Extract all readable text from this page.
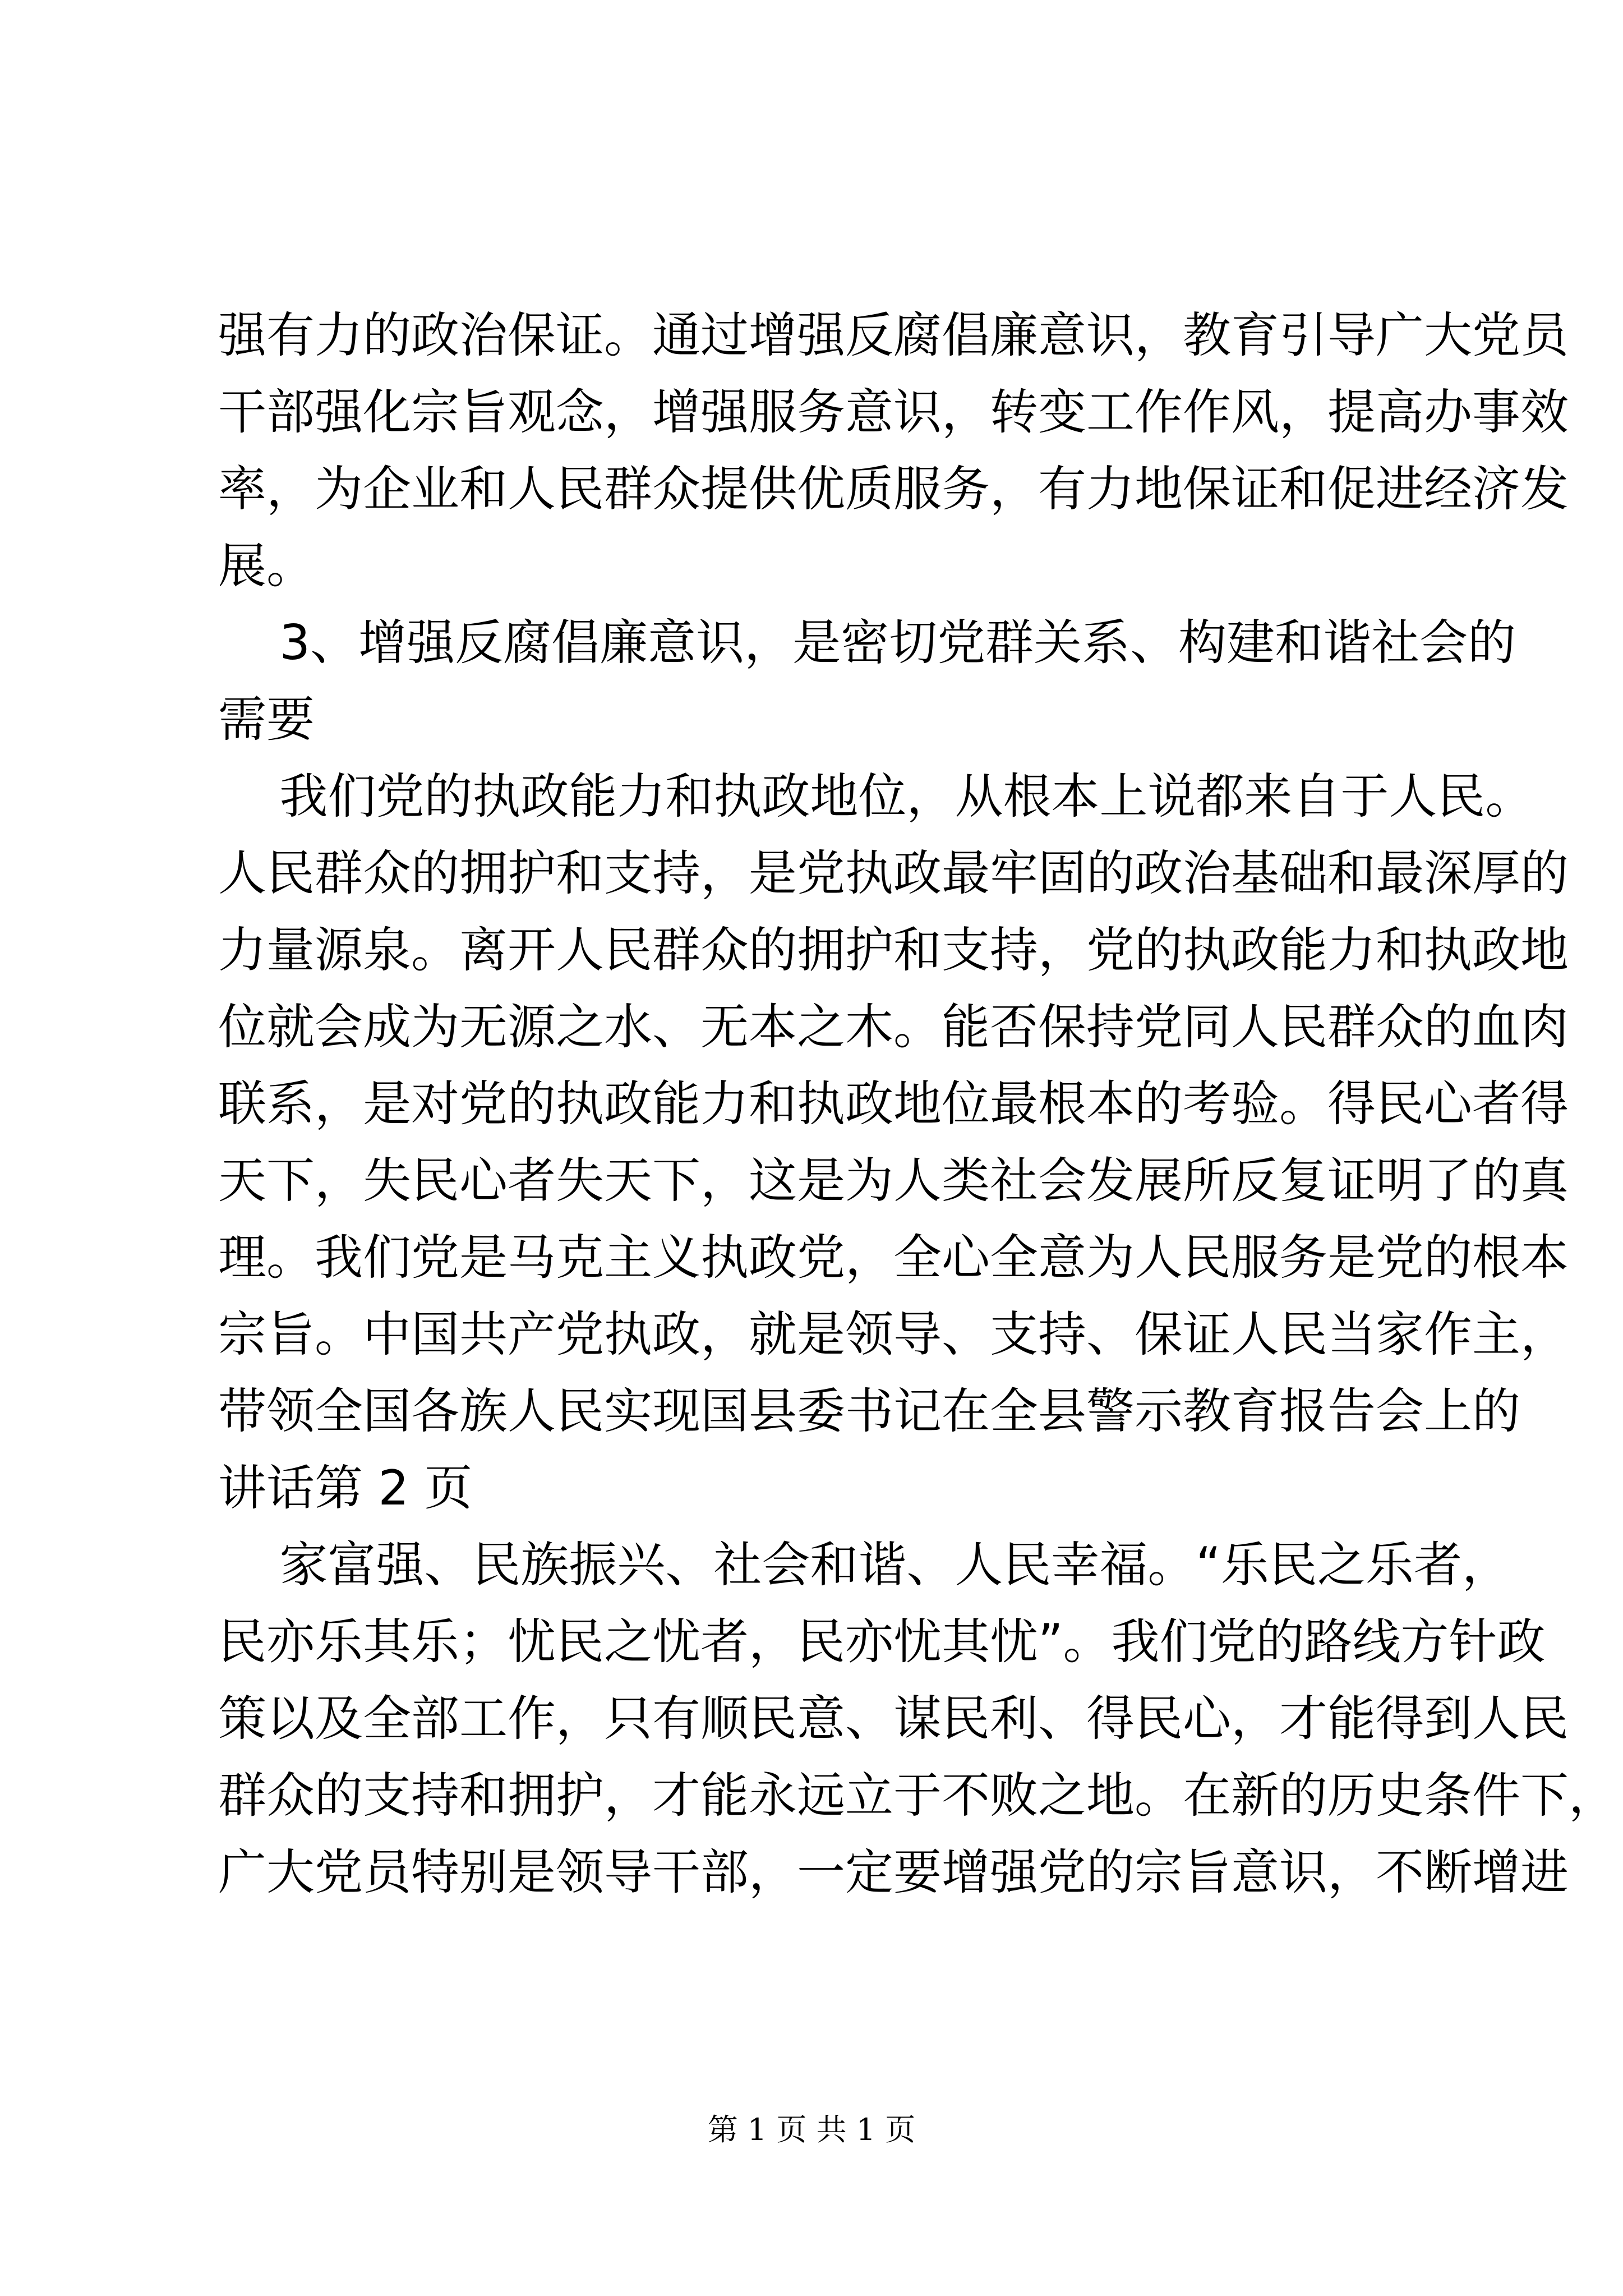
强有力的政治保证。通过增强反腐倡廉意识，教育引导广大党员
干部强化宗旨观念，增强服务意识，转变工作作风，提高办事效
率，为企业和人民群众提供优质服务，有力地保证和促进经济发
展。
3、增强反腐倡廉意识，是密切党群关系、构建和谐社会的
需要
我们党的执政能力和执政地位，从根本上说都来自于人民。
人民群众的拥护和支持，是党执政最牢固的政治基础和最深厚的
力量源泉。离开人民群众的拥护和支持，党的执政能力和执政地
位就会成为无源之水、无本之木。能否保持党同人民群众的血肉
联系，是对党的执政能力和执政地位最根本的考验。得民心者得
天下，失民心者失天下，这是为人类社会发展所反复证明了的真
理。我们党是马克主义执政党，全心全意为人民服务是党的根本
宗旨。中国共产党执政，就是领导、支持、保证人民当家作主，
带领全国各族人民实现国县委书记在全县警示教育报告会上的
讲话第 2 页
家富强、民族振兴、社会和谐、人民幸福。“乐民之乐者，
民亦乐其乐；忧民之忧者，民亦忧其忧”。我们党的路线方针政
策以及全部工作，只有顺民意、谋民利、得民心，才能得到人民
群众的支持和拥护，才能永远立于不败之地。在新的历史条件下，
广大党员特别是领导干部，一定要增强党的宗旨意识，不断增进
第 1 页 共 1 页
